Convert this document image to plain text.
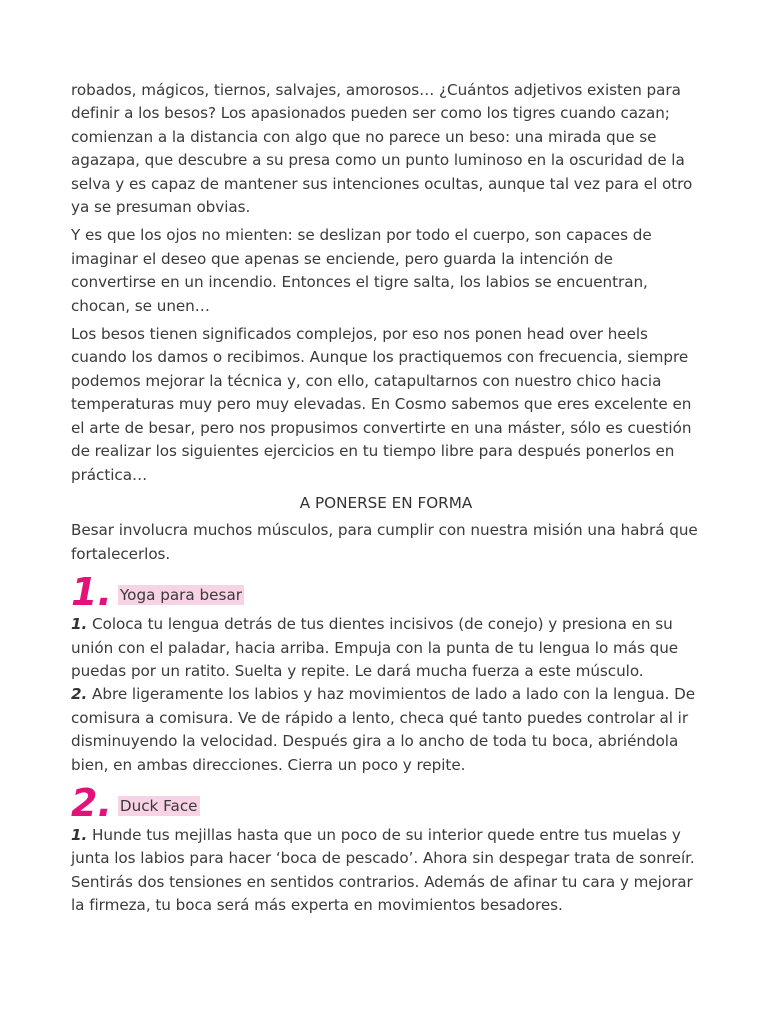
robados, mágicos, tiernos, salvajes, amorosos… ¿Cuántos adjetivos existen para definir a los besos? Los apasionados pueden ser como los tigres cuando cazan; comienzan a la distancia con algo que no parece un beso: una mirada que se agazapa, que descubre a su presa como un punto luminoso en la oscuridad de la selva y es capaz de mantener sus intenciones ocultas, aunque tal vez para el otro ya se presuman obvias.

Y es que los ojos no mienten: se deslizan por todo el cuerpo, son capaces de imaginar el deseo que apenas se enciende, pero guarda la intención de convertirse en un incendio. Entonces el tigre salta, los labios se encuentran, chocan, se unen…

Los besos tienen significados complejos, por eso nos ponen head over heels cuando los damos o recibimos. Aunque los practiquemos con frecuencia, siempre podemos mejorar la técnica y, con ello, catapultarnos con nuestro chico hacia temperaturas muy pero muy elevadas. En Cosmo sabemos que eres excelente en el arte de besar, pero nos propusimos convertirte en una máster, sólo es cuestión de realizar los siguientes ejercicios en tu tiempo libre para después ponerlos en práctica…

A PONERSE EN FORMA

Besar involucra muchos músculos, para cumplir con nuestra misión una habrá que fortalecerlos.

1. Yoga para besar

1. Coloca tu lengua detrás de tus dientes incisivos (de conejo) y presiona en su unión con el paladar, hacia arriba. Empuja con la punta de tu lengua lo más que puedas por un ratito. Suelta y repite. Le dará mucha fuerza a este músculo.

2. Abre ligeramente los labios y haz movimientos de lado a lado con la lengua. De comisura a comisura. Ve de rápido a lento, checa qué tanto puedes controlar al ir disminuyendo la velocidad. Después gira a lo ancho de toda tu boca, abriéndola bien, en ambas direcciones. Cierra un poco y repite.

2. Duck Face

1. Hunde tus mejillas hasta que un poco de su interior quede entre tus muelas y junta los labios para hacer ‘boca de pescado’. Ahora sin despegar trata de sonreír. Sentirás dos tensiones en sentidos contrarios. Además de afinar tu cara y mejorar la firmeza, tu boca será más experta en movimientos besadores.
